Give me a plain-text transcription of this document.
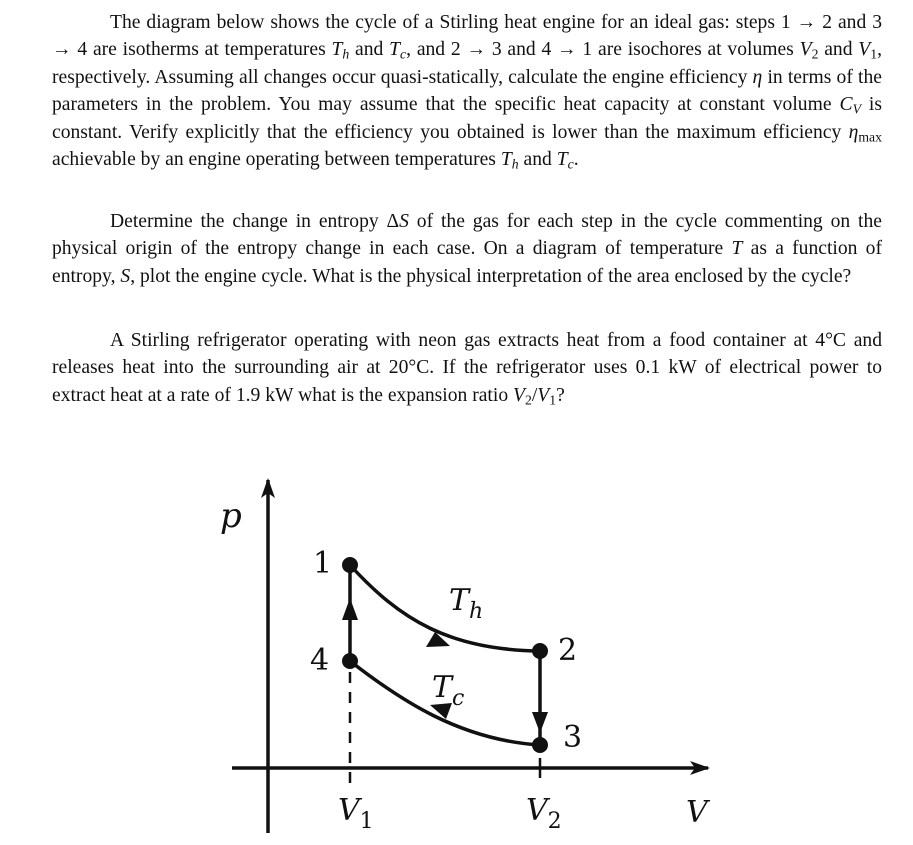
The diagram below shows the cycle of a Stirling heat engine for an ideal gas: steps 1 → 2 and 3 → 4 are isotherms at temperatures $T_h$ and $T_c$, and 2 → 3 and 4 → 1 are isochores at volumes $V_2$ and $V_1$, respectively. Assuming all changes occur quasi-statically, calculate the engine efficiency η in terms of the parameters in the problem. You may assume that the specific heat capacity at constant volume $C_V$ is constant. Verify explicitly that the efficiency you obtained is lower than the maximum efficiency $\eta_{max}$ achievable by an engine operating between temperatures $T_h$ and $T_c$.

Determine the change in entropy ΔS of the gas for each step in the cycle commenting on the physical origin of the entropy change in each case. On a diagram of temperature T as a function of entropy, S, plot the engine cycle. What is the physical interpretation of the area enclosed by the cycle?

A Stirling refrigerator operating with neon gas extracts heat from a food container at 4°C and releases heat into the surrounding air at 20°C. If the refrigerator uses 0.1 kW of electrical power to extract heat at a rate of 1.9 kW what is the expansion ratio $V_2/V_1$?

p
V
1
2
3
4
$T_h$
$T_c$
$V_1$	$V_2$
